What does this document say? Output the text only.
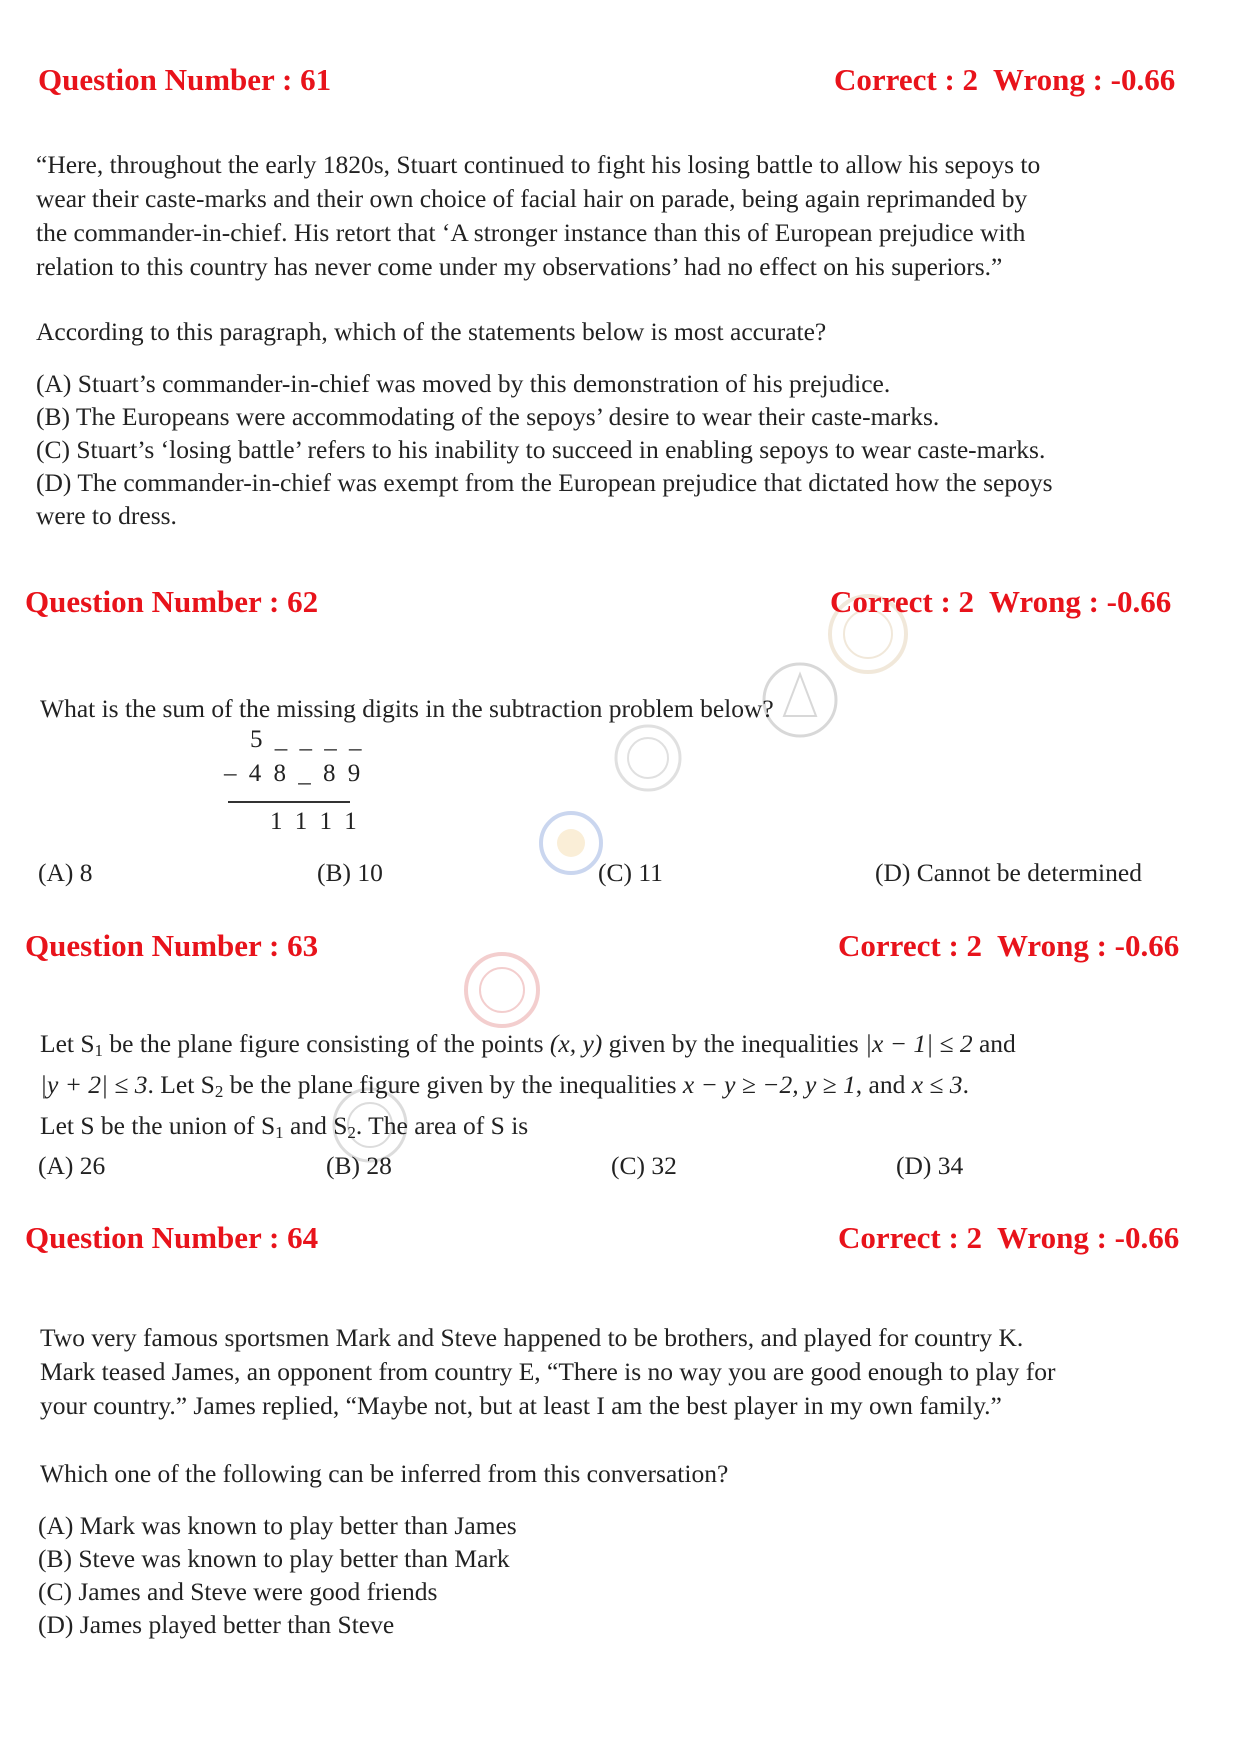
Question Number : 61	Correct : 2  Wrong : -0.66
“Here, throughout the early 1820s, Stuart continued to fight his losing battle to allow his sepoys to
wear their caste-marks and their own choice of facial hair on parade, being again reprimanded by
the commander-in-chief. His retort that ‘A stronger instance than this of European prejudice with
relation to this country has never come under my observations’ had no effect on his superiors.”
According to this paragraph, which of the statements below is most accurate?
(A) Stuart’s commander-in-chief was moved by this demonstration of his prejudice.
(B) The Europeans were accommodating of the sepoys’ desire to wear their caste-marks.
(C) Stuart’s ‘losing battle’ refers to his inability to succeed in enabling sepoys to wear caste-marks.
(D) The commander-in-chief was exempt from the European prejudice that dictated how the sepoys
were to dress.
Question Number : 62	Correct : 2  Wrong : -0.66
What is the sum of the missing digits in the subtraction problem below?
5 _ _ _ _
– 4 8 _ 8 9
1 1 1 1
(A) 8	(B) 10	(C) 11	(D) Cannot be determined
Question Number : 63	Correct : 2  Wrong : -0.66
Let $S_1$ be the plane figure consisting of the points (x, y) given by the inequalities |x − 1| ≤ 2 and
|y + 2| ≤ 3. Let $S_2$ be the plane figure given by the inequalities x − y ≥ −2, y ≥ 1, and x ≤ 3.
Let S be the union of $S_1$ and $S_2$. The area of S is
(A) 26	(B) 28	(C) 32	(D) 34
Question Number : 64	Correct : 2  Wrong : -0.66
Two very famous sportsmen Mark and Steve happened to be brothers, and played for country K.
Mark teased James, an opponent from country E, “There is no way you are good enough to play for
your country.” James replied, “Maybe not, but at least I am the best player in my own family.”
Which one of the following can be inferred from this conversation?
(A) Mark was known to play better than James
(B) Steve was known to play better than Mark
(C) James and Steve were good friends
(D) James played better than Steve
